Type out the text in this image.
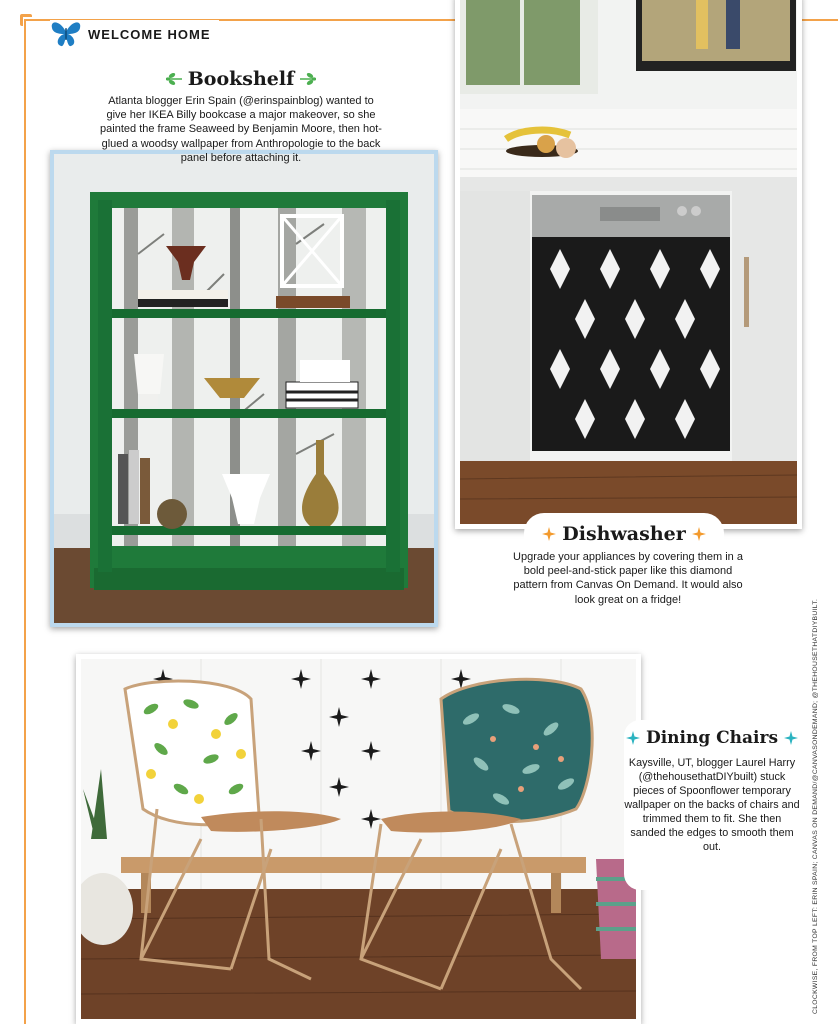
WELCOME HOME
Bookshelf

Atlanta blogger Erin Spain (@erinspainblog) wanted to give her IKEA Billy bookcase a major makeover, so she painted the frame Seaweed by Benjamin Moore, then hot-glued a woodsy wallpaper from Anthropologie to the back panel before attaching it.

Dishwasher

Upgrade your appliances by covering them in a bold peel-and-stick paper like this diamond pattern from Canvas On Demand. It would also look great on a fridge!

Dining Chairs

Kaysville, UT, blogger Laurel Harry (@thehousethatDIYbuilt) stuck pieces of Spoonflower temporary wallpaper on the backs of chairs and trimmed them to fit. She then sanded the edges to smooth them out.	CLOCKWISE, FROM TOP LEFT: ERIN SPAIN; CANVAS ON DEMAND/@CANVASONDEMAND; @THEHOUSETHATDIYBUILT.
